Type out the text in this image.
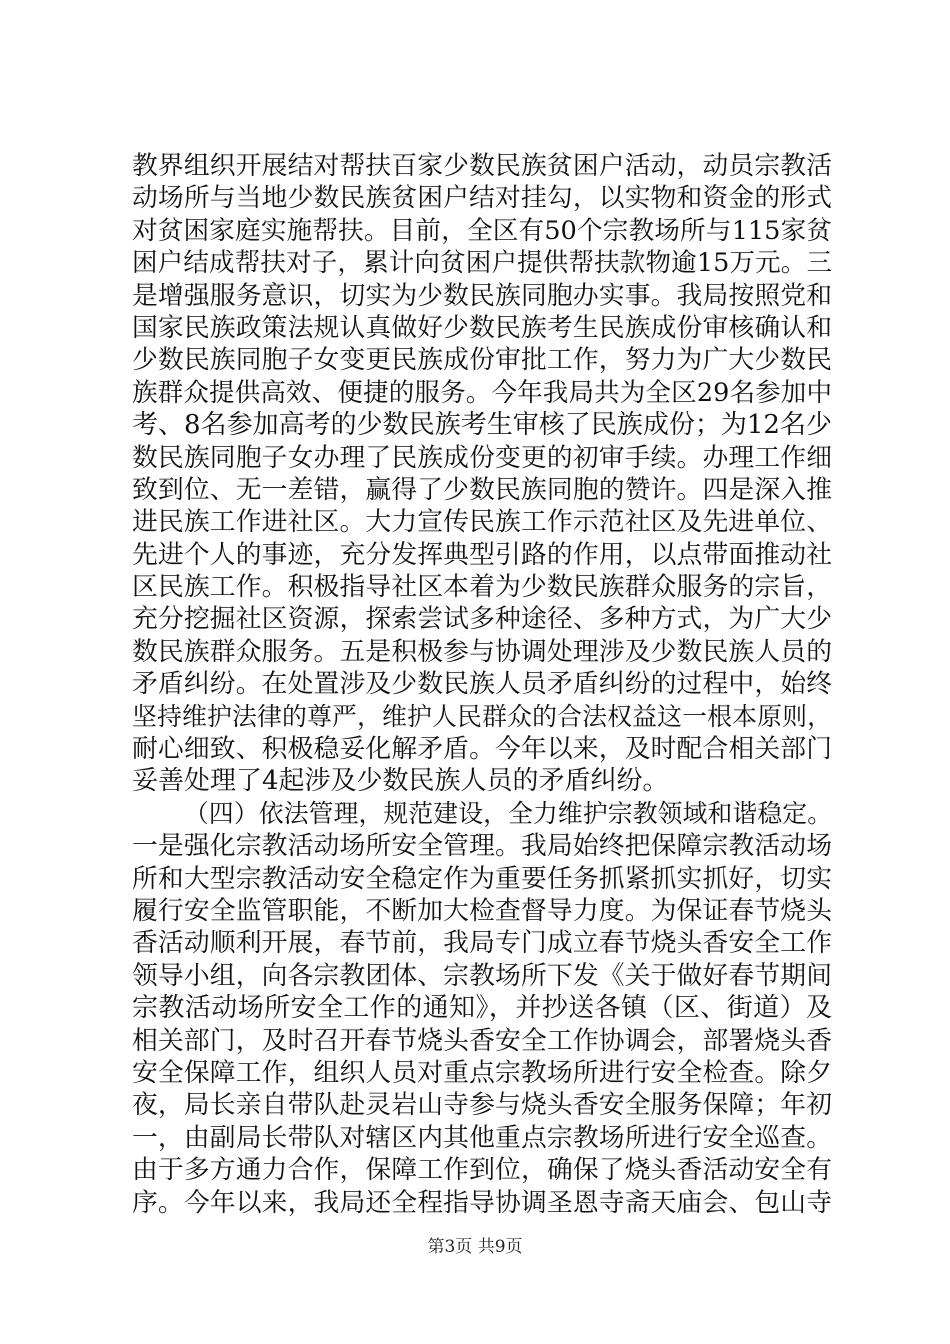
教界组织开展结对帮扶百家少数民族贫困户活动，动员宗教活
动场所与当地少数民族贫困户结对挂勾，以实物和资金的形式
对贫困家庭实施帮扶。目前，全区有50个宗教场所与115家贫
困户结成帮扶对子，累计向贫困户提供帮扶款物逾15万元。三
是增强服务意识，切实为少数民族同胞办实事。我局按照党和
国家民族政策法规认真做好少数民族考生民族成份审核确认和
少数民族同胞子女变更民族成份审批工作，努力为广大少数民
族群众提供高效、便捷的服务。今年我局共为全区29名参加中
考、8名参加高考的少数民族考生审核了民族成份；为12名少
数民族同胞子女办理了民族成份变更的初审手续。办理工作细
致到位、无一差错，赢得了少数民族同胞的赞许。四是深入推
进民族工作进社区。大力宣传民族工作示范社区及先进单位、
先进个人的事迹，充分发挥典型引路的作用，以点带面推动社
区民族工作。积极指导社区本着为少数民族群众服务的宗旨，
充分挖掘社区资源，探索尝试多种途径、多种方式，为广大少
数民族群众服务。五是积极参与协调处理涉及少数民族人员的
矛盾纠纷。在处置涉及少数民族人员矛盾纠纷的过程中，始终
坚持维护法律的尊严，维护人民群众的合法权益这一根本原则，
耐心细致、积极稳妥化解矛盾。今年以来，及时配合相关部门
妥善处理了4起涉及少数民族人员的矛盾纠纷。
（四）依法管理，规范建设，全力维护宗教领域和谐稳定。
一是强化宗教活动场所安全管理。我局始终把保障宗教活动场
所和大型宗教活动安全稳定作为重要任务抓紧抓实抓好，切实
履行安全监管职能，不断加大检查督导力度。为保证春节烧头
香活动顺利开展，春节前，我局专门成立春节烧头香安全工作
领导小组，向各宗教团体、宗教场所下发《关于做好春节期间
宗教活动场所安全工作的通知》，并抄送各镇（区、街道）及
相关部门，及时召开春节烧头香安全工作协调会，部署烧头香
安全保障工作，组织人员对重点宗教场所进行安全检查。除夕
夜，局长亲自带队赴灵岩山寺参与烧头香安全服务保障；年初
一，由副局长带队对辖区内其他重点宗教场所进行安全巡查。
由于多方通力合作，保障工作到位，确保了烧头香活动安全有
序。今年以来，我局还全程指导协调圣恩寺斋天庙会、包山寺
第3页 共9页
